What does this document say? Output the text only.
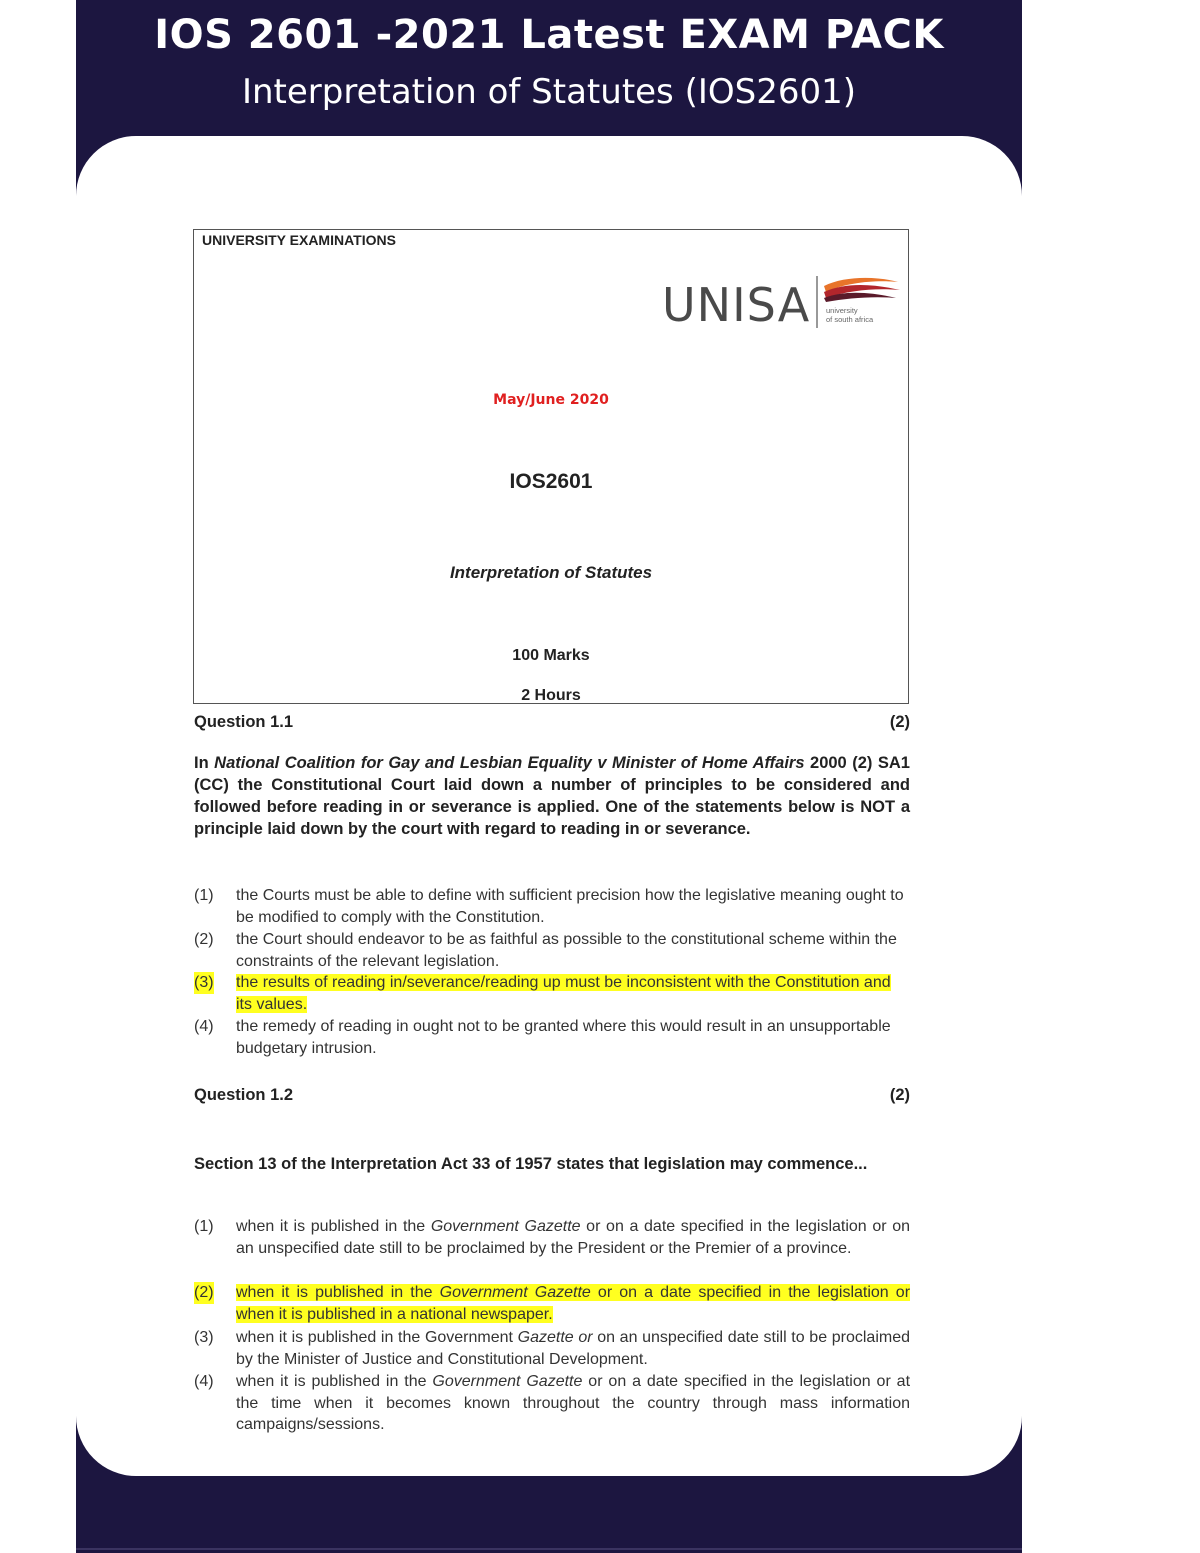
IOS 2601 -2021 Latest EXAM PACK
Interpretation of Statutes (IOS2601)
UNIVERSITY EXAMINATIONS
UNISA university
of south africa
May/June 2020
IOS2601
Interpretation of Statutes
100 Marks
2 Hours
Question 1.1	(2)
In National Coalition for Gay and Lesbian Equality v Minister of Home Affairs 2000 (2) SA1 (CC) the Constitutional Court laid down a number of principles to be considered and followed before reading in or severance is applied. One of the statements below is NOT a principle laid down by the court with regard to reading in or severance.
(1) the Courts must be able to define with sufficient precision how the legislative meaning ought to be modified to comply with the Constitution.
(2) the Court should endeavor to be as faithful as possible to the constitutional scheme within the constraints of the relevant legislation.
(3) the results of reading in/severance/reading up must be inconsistent with the Constitution and its values.
(4) the remedy of reading in ought not to be granted where this would result in an unsupportable budgetary intrusion.
Question 1.2	(2)
Section 13 of the Interpretation Act 33 of 1957 states that legislation may commence...
(1) when it is published in the Government Gazette or on a date specified in the legislation or on an unspecified date still to be proclaimed by the President or the Premier of a province.
(2) when it is published in the Government Gazette or on a date specified in the legislation or when it is published in a national newspaper.
(3) when it is published in the Government Gazette or on an unspecified date still to be proclaimed by the Minister of Justice and Constitutional Development.
(4) when it is published in the Government Gazette or on a date specified in the legislation or at the time when it becomes known throughout the country through mass information campaigns/sessions.
